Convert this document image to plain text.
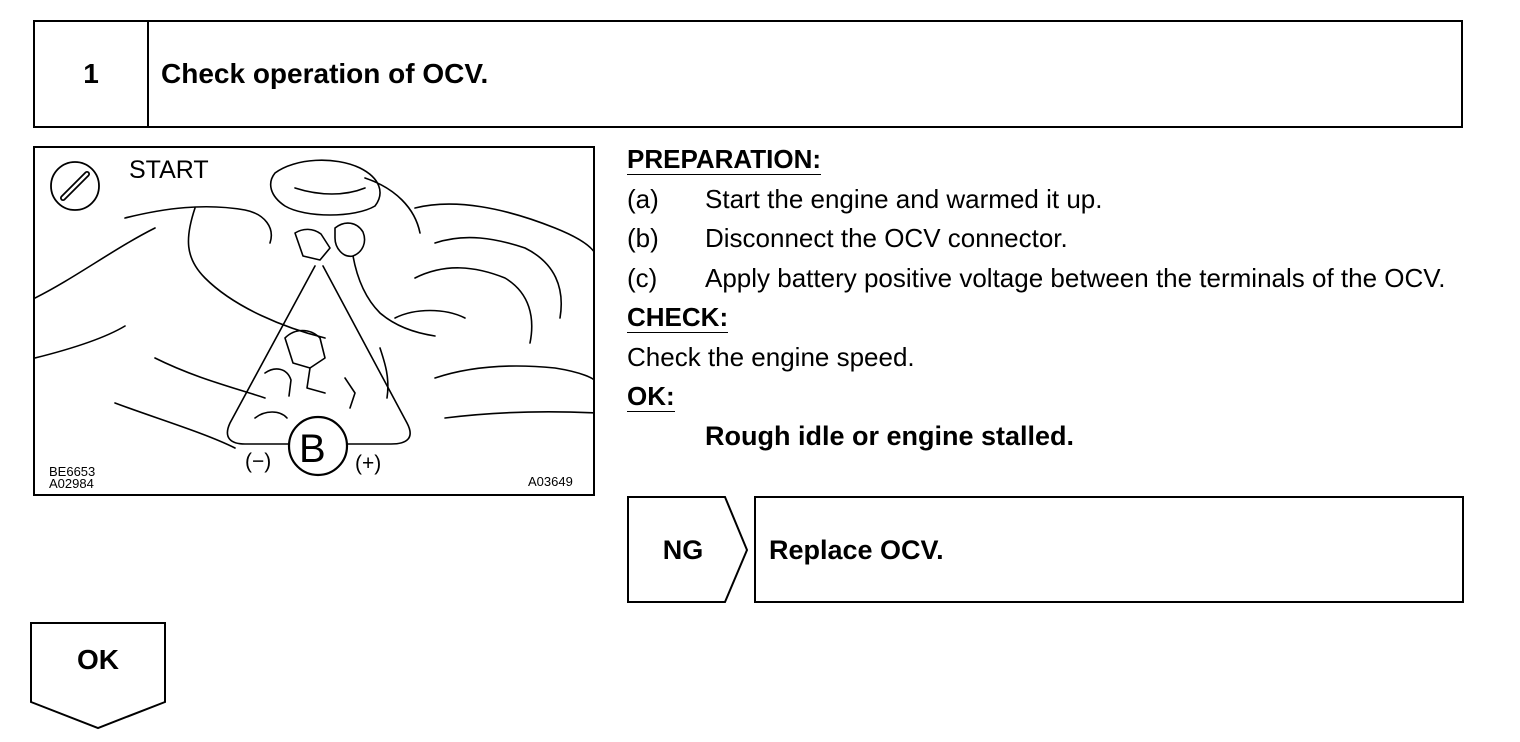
1	Check operation of OCV.
START
B
(−)	(+)
BE6653
A02984	A03649
PREPARATION:
(a)	Start the engine and warmed it up.
(b)	Disconnect the OCV connector.
(c)	Apply battery positive voltage between the terminals of the OCV.
CHECK:
Check the engine speed.
OK:
Rough idle or engine stalled.
NG	Replace OCV.
OK
